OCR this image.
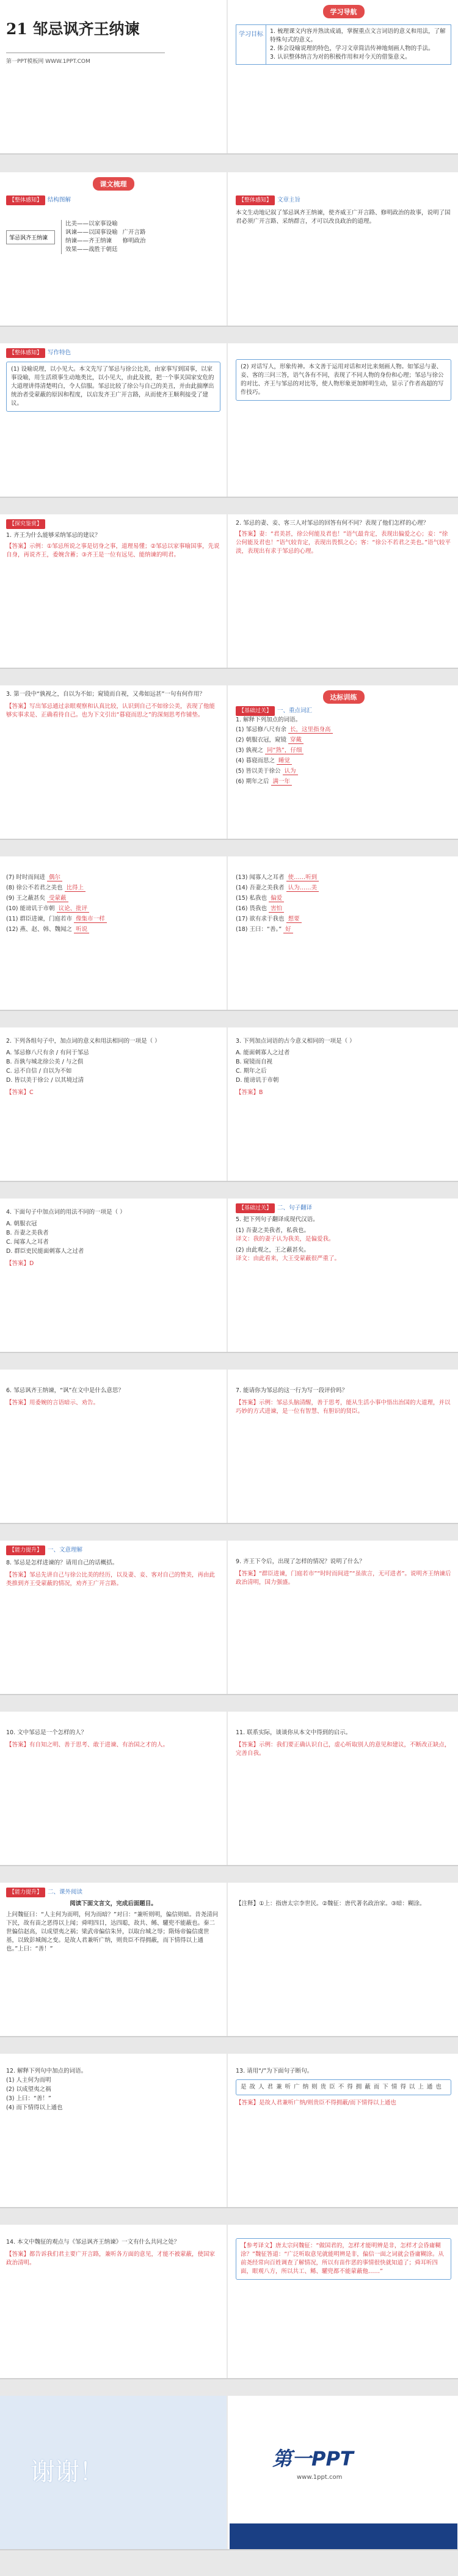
21 邹忌讽齐王纳谏
第一PPT模板网 WWW.1PPT.COM
学习导航
学习目标	1. 梳理课文内容并熟读成诵，掌握重点文言词语的意义和用法，了解特殊句式的意义。

2. 体会设喻说理的特色，学习文章简洁传神地刻画人物的手法。

3. 认识整体纳言为对的积极作用和对今天的借鉴意义。

课文梳理

【整体感知】 结构图解

邹忌讽齐王纳谏
比美——以家事设喻
讽谏——以国事设喻
纳谏——齐王纳谏
效果——战胜于朝廷
广开言路
修明政治

【整体感知】 文章主旨

本文生动地记叙了邹忌讽齐王纳谏，使齐威王广开言路、修明政治的故事，说明了国君必须广开言路、采纳群言，才可以改良政治的道理。

【整体感知】 写作特色

(1) 设喻说理，以小见大。本文先写了邹忌与徐公比美，由家事写到国事，以家事设喻，用生活琐事生动地类比，以小见大，由此及彼，把一个事关国家安危的大道理讲得清楚明白，令人信服。邹忌比较了徐公与自己的美丑，并由此揣摩出统治者受蒙蔽的原因和程度，以启发齐王广开言路，从而使齐王顺利接受了建议。

(2) 对话写人，形象传神。本文善于运用对话和对比来刻画人物。如邹忌与妻、妾、客的三问三答，语气各有不同，表现了不同人物的身份和心理；邹忌与徐公的对比、齐王与邹忌的对比等，使人物形象更加鲜明生动，显示了作者高超的写作技巧。

【探究鉴赏】

1. 齐王为什么能够采纳邹忌的建议？

【答案】示例：①邹忌所说之事是切身之事，道理易懂；②邹忌以家事喻国事，先说自身，再说齐王，委婉含蓄；③齐王是一位有远见、能纳谏的明君。

2. 邹忌的妻、妾、客三人对邹忌的回答有何不同？表现了他们怎样的心理？

【答案】妻：“君美甚，徐公何能及君也！”语气最肯定，表现出偏爱之心；妾：“徐公何能及君也！”语气较肯定，表现出畏惧之心；客：“徐公不若君之美也。”语气较平淡，表现出有求于邹忌的心理。

3. 第一段中“孰视之，自以为不如；窥镜而自视，又弗如远甚”一句有何作用？

【答案】写出邹忌通过亲眼观察和认真比较，认识到自己不如徐公美，表现了他能够实事求是、正确看待自己。也为下文引出“暮寝而思之”的深刻思考作铺垫。

达标训练

【基础过关】 一、重点词汇

1. 解释下列加点的词语。

(1) 邹忌修八尺有余 长，这里指身高
(2) 朝服衣冠，窥镜 穿戴
(3) 孰视之 同“熟”，仔细
(4) 暮寝而思之 睡觉
(5) 皆以美于徐公 认为
(6) 期年之后 满一年
(7) 时时而间进 偶尔
(8) 徐公不若君之美也 比得上
(9) 王之蔽甚矣 受蒙蔽
(10) 能谤讥于市朝 议论、批评
(11) 群臣进谏，门庭若市 像集市一样
(12) 燕、赵、韩、魏闻之 听说
(13) 闻寡人之耳者 使……听到
(14) 吾妻之美我者 认为……美
(15) 私我也 偏爱
(16) 畏我也 害怕
(17) 欲有求于我也 想要
(18) 王曰：“善。” 好

2. 下列各组句子中，加点词的意义和用法相同的一项是（ ）

A. 邹忌修八尺有余 / 有问于邹忌
B. 吾孰与城北徐公美 / 与之俱
C. 忌不自信 / 自以为不如
D. 皆以美于徐公 / 以其境过清

【答案】C

3. 下列加点词语的古今意义相同的一项是（ ）

A. 能面刺寡人之过者
B. 窥镜而自视
C. 期年之后
D. 能谤讥于市朝

【答案】B

4. 下面句子中加点词的用法不同的一项是（ ）

A. 朝服衣冠
B. 吾妻之美我者
C. 闻寡人之耳者
D. 群臣吏民能面刺寡人之过者

【答案】D

【基础过关】 二、句子翻译

5. 把下列句子翻译成现代汉语。

(1) 吾妻之美我者，私我也。

译文：我的妻子认为我美，是偏爱我。

(2) 由此观之，王之蔽甚矣。

译文：由此看来，大王受蒙蔽很严重了。

6. 邹忌讽齐王纳谏，“讽”在文中是什么意思？

【答案】用委婉的言语暗示、劝告。

7. 能请你为邹忌的这一行为写一段评价吗？

【答案】示例：邹忌头脑清醒，善于思考，能从生活小事中悟出治国的大道理，并以巧妙的方式进谏，是一位有智慧、有胆识的贤臣。

【能力提升】 一、文意理解

8. 邹忌是怎样进谏的？请用自己的话概括。

【答案】邹忌先讲自己与徐公比美的经历，以及妻、妾、客对自己的赞美，再由此类推到齐王受蒙蔽的情况，劝齐王广开言路。

9. 齐王下令后，出现了怎样的情况？说明了什么？

【答案】“群臣进谏，门庭若市”“时时而间进”“虽欲言，无可进者”。说明齐王纳谏后政治清明，国力强盛。

10. 文中邹忌是一个怎样的人？

【答案】有自知之明、善于思考、敢于进谏、有治国之才的人。

11. 联系实际，谈谈你从本文中得到的启示。

【答案】示例：我们要正确认识自己，虚心听取别人的意见和建议，不断改正缺点，完善自我。

【能力提升】 二、课外阅读

阅读下面文言文，完成后面题目。

上问魏征曰：“人主何为而明，何为而暗？”对曰：“兼听则明，偏信则暗。昔尧清问下民，故有苗之恶得以上闻；舜明四目，达四聪，故共、鲧、驩兜不能蔽也。秦二世偏信赵高，以成望夷之祸；梁武帝偏信朱异，以取台城之辱；隋炀帝偏信虞世基，以致彭城阁之变。是故人君兼听广纳，则贵臣不得拥蔽，而下情得以上通也。”上曰：“善！”

【注释】①上：指唐太宗李世民。②魏征：唐代著名政治家。③暗：糊涂。

12. 解释下列句中加点的词语。

(1) 人主何为而明
(2) 以成望夷之祸
(3) 上曰：“善！”
(4) 而下情得以上通也

13. 请用“/”为下面句子断句。

是 故 人 君 兼 听 广 纳 则 贵 臣 不 得 拥 蔽 而 下 情 得 以 上 通 也

【答案】是故人君兼听广纳/则贵臣不得拥蔽/而下情得以上通也

14. 本文中魏征的观点与《邹忌讽齐王纳谏》一文有什么共同之处？

【答案】都告诉我们君主要广开言路，兼听各方面的意见，才能不被蒙蔽，使国家政治清明。

【参考译文】唐太宗问魏征：“做国君的，怎样才能明辨是非，怎样才会昏庸糊涂？”魏征答道：“广泛听取意见就能明辨是非，偏信一面之词就会昏庸糊涂。从前尧经常向百姓调查了解情况，所以有苗作恶的事情很快就知道了；舜耳听四面，眼观八方，所以共工、鲧、驩兜都不能蒙蔽他……”

谢谢！	第一PPT
www.1ppt.com
